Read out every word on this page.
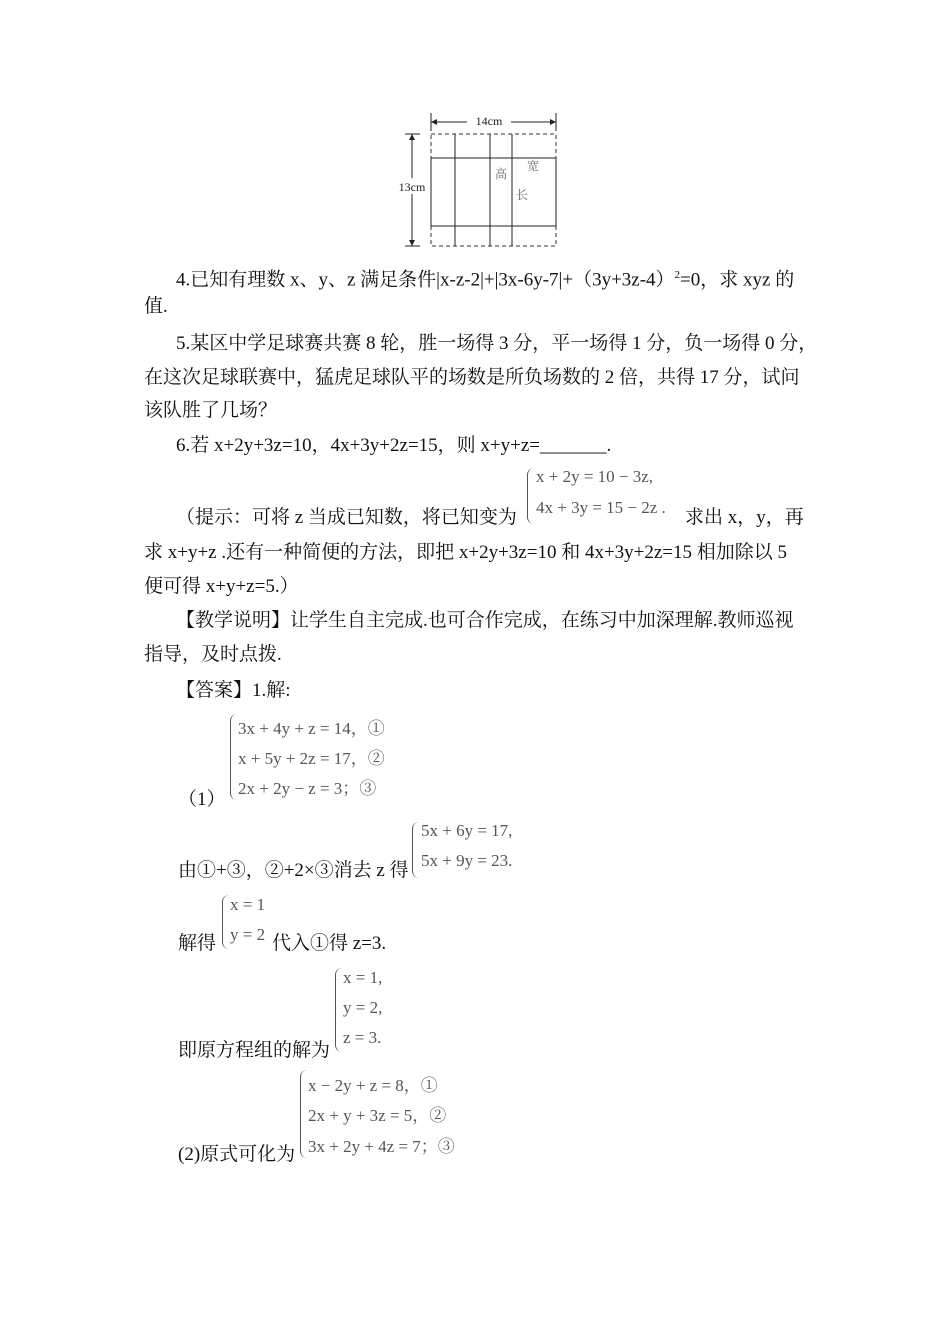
14cm
13cm
高
宽
长
4.已知有理数 x、y、z 满足条件$|x-z-2|+|3x-6y-7|+(3y+3z-4)^2=0$，求 xyz 的
值.
5.某区中学足球赛共赛 8 轮，胜一场得 3 分，平一场得 1 分，负一场得 0 分，
在这次足球联赛中，猛虎足球队平的场数是所负场数的 2 倍，共得 17 分，试问
该队胜了几场？
6.若 x+2y+3z=10，4x+3y+2z=15，则 x+y+z=_______.
x + 2y = 10 − 3z,
4x + 3y = 15 − 2z .
（提示：可将 z 当成已知数，将已知变为	求出 x，y，再
求 x+y+z .还有一种简便的方法，即把 x+2y+3z=10 和 4x+3y+2z=15 相加除以 5
便可得 x+y+z=5.）
【教学说明】让学生自主完成.也可合作完成，在练习中加深理解.教师巡视
指导，及时点拨.
【答案】1.解:
3x + 4y + z = 14，①
x + 5y + 2z = 17，②
2x + 2y − z = 3；③
（1）
5x + 6y = 17,
5x + 9y = 23.
由①+③，②+2×③消去 z 得
x = 1
y = 2
解得	代入①得 z=3.
x = 1,
y = 2,
z = 3.
即原方程组的解为
x − 2y + z = 8，①
2x + y + 3z = 5，②
3x + 2y + 4z = 7；③
(2)原式可化为
